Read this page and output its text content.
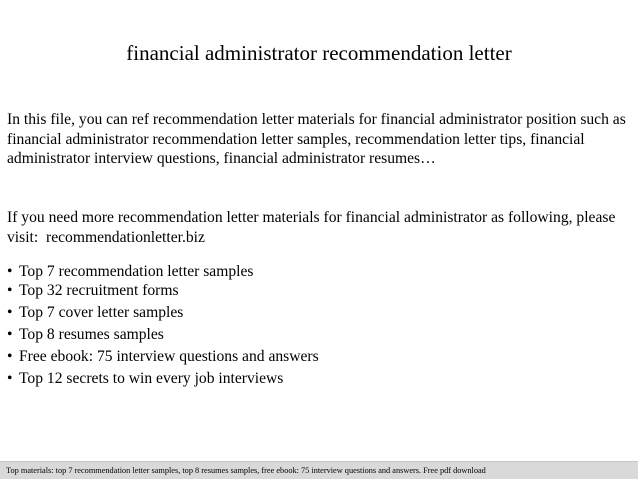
financial administrator recommendation letter

In this file, you can ref recommendation letter materials for financial administrator position such as financial administrator recommendation letter samples, recommendation letter tips, financial administrator interview questions, financial administrator resumes…

If you need more recommendation letter materials for financial administrator as following, please visit: recommendationletter.biz

• Top 7 recommendation letter samples
• Top 32 recruitment forms
• Top 7 cover letter samples
• Top 8 resumes samples
• Free ebook: 75 interview questions and answers
• Top 12 secrets to win every job interviews
Top materials: top 7 recommendation letter samples, top 8 resumes samples, free ebook: 75 interview questions and answers. Free pdf download
